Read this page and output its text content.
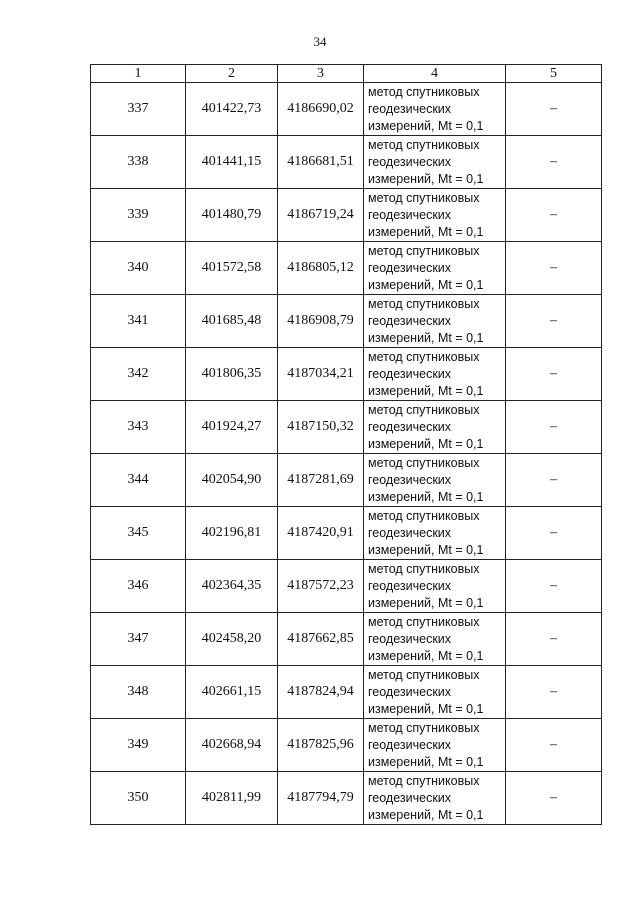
34
1	2	3	4	5
337	401422,73	4186690,02	метод спутниковых
геодезических
измерений, Mt = 0,1	–
338	401441,15	4186681,51	метод спутниковых
геодезических
измерений, Mt = 0,1	–
339	401480,79	4186719,24	метод спутниковых
геодезических
измерений, Mt = 0,1	–
340	401572,58	4186805,12	метод спутниковых
геодезических
измерений, Mt = 0,1	–
341	401685,48	4186908,79	метод спутниковых
геодезических
измерений, Mt = 0,1	–
342	401806,35	4187034,21	метод спутниковых
геодезических
измерений, Mt = 0,1	–
343	401924,27	4187150,32	метод спутниковых
геодезических
измерений, Mt = 0,1	–
344	402054,90	4187281,69	метод спутниковых
геодезических
измерений, Mt = 0,1	–
345	402196,81	4187420,91	метод спутниковых
геодезических
измерений, Mt = 0,1	–
346	402364,35	4187572,23	метод спутниковых
геодезических
измерений, Mt = 0,1	–
347	402458,20	4187662,85	метод спутниковых
геодезических
измерений, Mt = 0,1	–
348	402661,15	4187824,94	метод спутниковых
геодезических
измерений, Mt = 0,1	–
349	402668,94	4187825,96	метод спутниковых
геодезических
измерений, Mt = 0,1	–
350	402811,99	4187794,79	метод спутниковых
геодезических
измерений, Mt = 0,1	–
